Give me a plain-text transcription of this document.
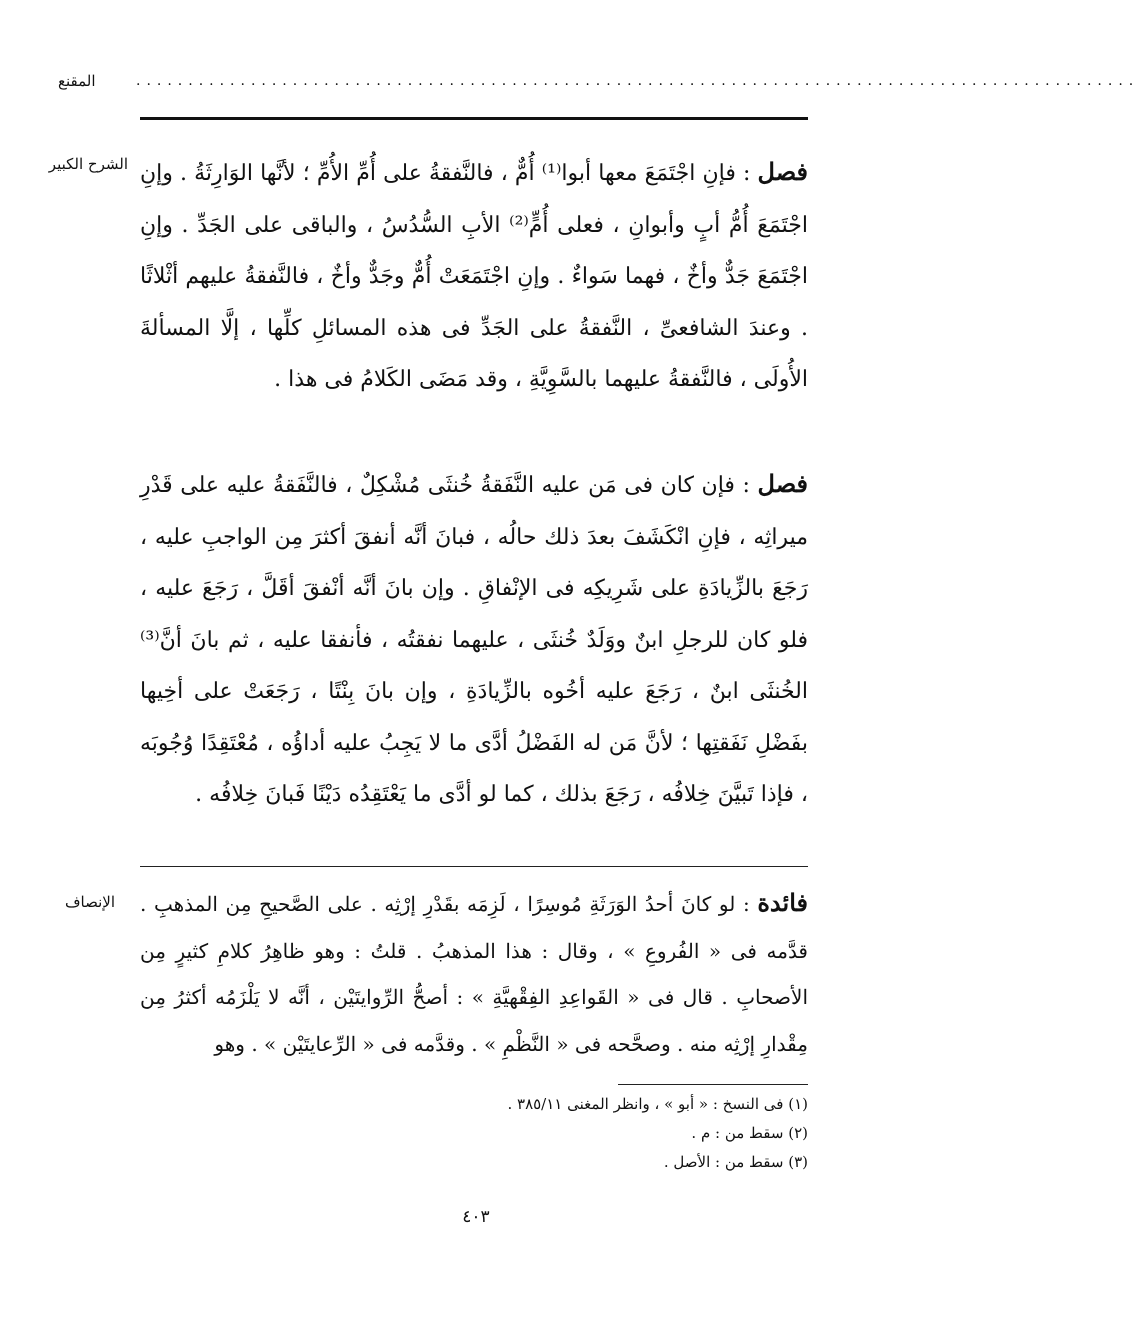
المقنع	................................................................................................
الشرح الكبير	فصل : فإنِ اجْتَمَعَ معها أبوا⁽¹⁾ أُمٌّ ، فالنَّفقةُ على أُمِّ الأُمِّ ؛ لأنَّها الوَارِثَةُ . وإنِ اجْتَمَعَ أُمُّ أبٍ وأبوانِ ، فعلى أُمٍّ⁽²⁾ الأبِ السُّدُسُ ، والباقى على الجَدِّ . وإنِ اجْتَمَعَ جَدٌّ وأخٌ ، فهما سَواءٌ . وإنِ اجْتَمَعَتْ أُمٌّ وجَدٌّ وأخٌ ، فالنَّفقةُ عليهم أثْلاثًا . وعندَ الشافعىِّ ، النَّفقةُ على الجَدِّ فى هذه المسائلِ كلِّها ، إلَّا المسألةَ الأُولَى ، فالنَّفقةُ عليهما بالسَّوِيَّةِ ، وقد مَضَى الكَلامُ فى هذا .
فصل : فإن كان فى مَن عليه النَّفَقةُ خُنثَى مُشْكِلٌ ، فالنَّفَقةُ عليه على قَدْرِ ميراثِه ، فإنِ انْكَشَفَ بعدَ ذلك حالُه ، فبانَ أنَّه أنفقَ أكثرَ مِن الواجبِ عليه ، رَجَعَ بالزِّيادَةِ على شَرِيكِه فى الإنْفاقِ . وإن بانَ أنَّه أنْفقَ أقَلَّ ، رَجَعَ عليه ، فلو كان للرجلِ ابنٌ ووَلَدٌ خُنثَى ، عليهما نفقتُه ، فأنفقا عليه ، ثم بانَ أنَّ⁽³⁾ الخُنثَى ابنٌ ، رَجَعَ عليه أخُوه بالزِّيادَةِ ، وإن بانَ بِنْتًا ، رَجَعَتْ على أخِيها بفَضْلِ نَفَقتِها ؛ لأنَّ مَن له الفَضْلُ أدَّى ما لا يَجِبُ عليه أداؤُه ، مُعْتَقِدًا وُجُوبَه ، فإذا تَبيَّنَ خِلافُه ، رَجَعَ بذلك ، كما لو أدَّى ما يَعْتَقِدُه دَيْنًا فَبانَ خِلافُه .
الإنصاف	فائدة : لو كانَ أحدُ الوَرَثَةِ مُوسِرًا ، لَزِمَه بقَدْرِ إرْثِه . على الصَّحيحِ مِن المذهبِ . قدَّمه فى « الفُروعِ » ، وقال : هذا المذهبُ . قلتُ : وهو ظاهِرُ كلامِ كثيرٍ مِن الأصحابِ . قال فى « القَواعِدِ الفِقْهيَّةِ » : أصحُّ الرِّوايتَيْن ، أنَّه لا يَلْزَمُه أكثرُ مِن مِقْدارِ إرْثِه منه . وصحَّحه فى « النَّظْمِ » . وقدَّمه فى « الرِّعايتَيْن » . وهو
(١) فى النسخ : « أبو » ، وانظر المغنى ٣٨٥/١١ .
(٢) سقط من : م .
(٣) سقط من : الأصل .
٤٠٣
